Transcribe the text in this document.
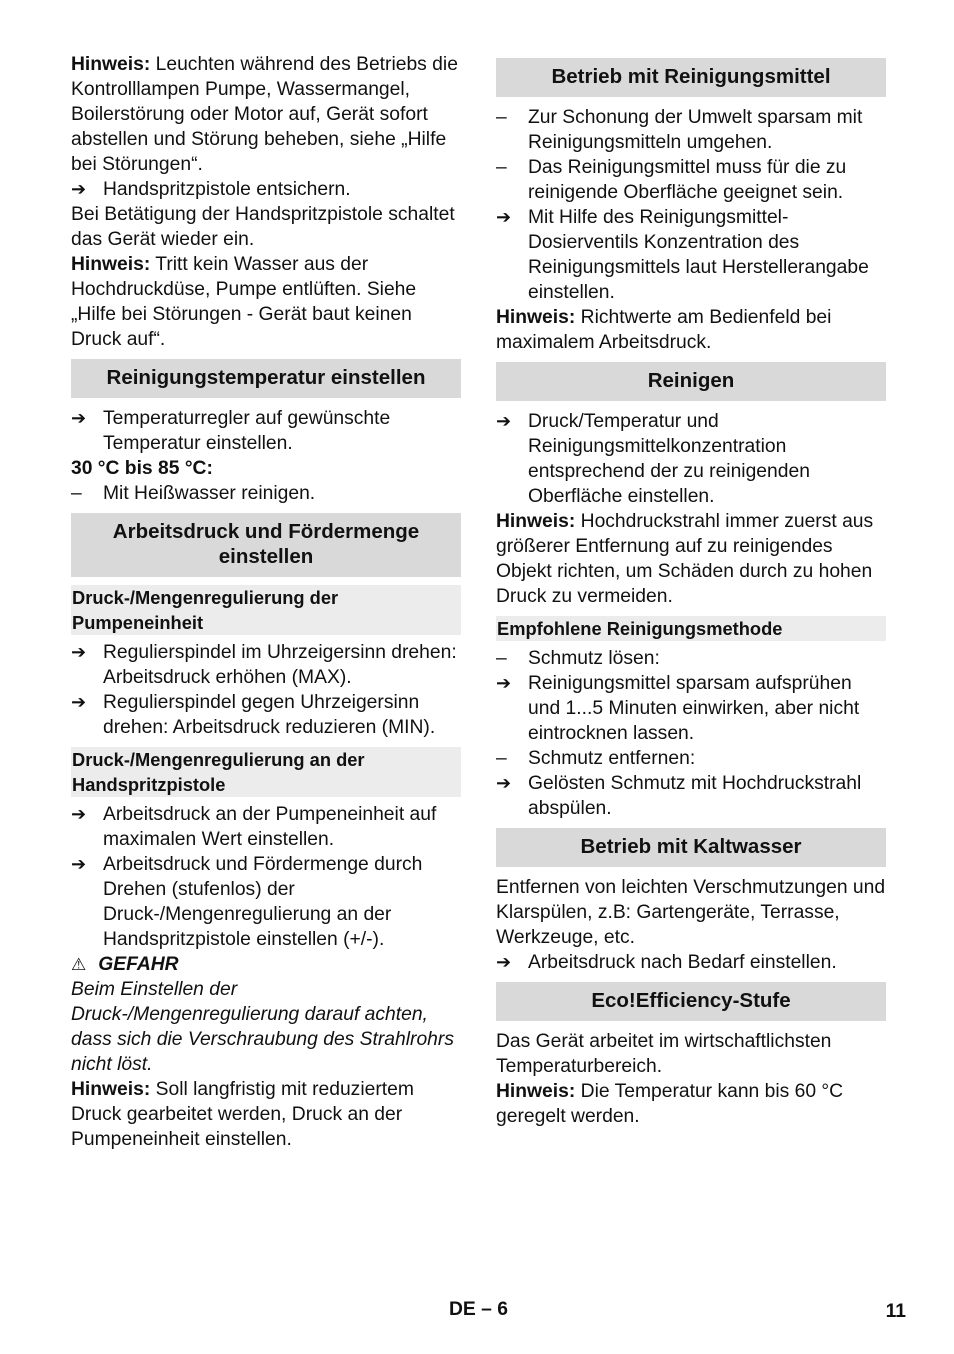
Hinweis: Leuchten während des Betriebs die Kontrolllampen Pumpe, Wassermangel, Boilerstörung oder Motor auf, Gerät sofort abstellen und Störung beheben, siehe „Hilfe bei Störungen“.

➔ Handspritzpistole entsichern.

Bei Betätigung der Handspritzpistole schaltet das Gerät wieder ein.

Hinweis: Tritt kein Wasser aus der Hochdruckdüse, Pumpe entlüften. Siehe „Hilfe bei Störungen - Gerät baut keinen Druck auf“.

Reinigungstemperatur einstellen
➔ Temperaturregler auf gewünschte Temperatur einstellen.

30 °C bis 85 °C:

–	Mit Heißwasser reinigen.
Arbeitsdruck und Fördermenge einstellen
Druck-/Mengenregulierung der Pumpeneinheit
➔ Regulierspindel im Uhrzeigersinn drehen: Arbeitsdruck erhöhen (MAX).
➔ Regulierspindel gegen Uhrzeigersinn drehen: Arbeitsdruck reduzieren (MIN).
Druck-/Mengenregulierung an der Handspritzpistole
➔ Arbeitsdruck an der Pumpeneinheit auf maximalen Wert einstellen.
➔ Arbeitsdruck und Fördermenge durch Drehen (stufenlos) der Druck-/Mengenregulierung an der Handspritzpistole einstellen (+/-).

⚠ GEFAHR

Beim Einstellen der Druck-/Mengenregulierung darauf achten, dass sich die Verschraubung des Strahlrohrs nicht löst.

Hinweis: Soll langfristig mit reduziertem Druck gearbeitet werden, Druck an der Pumpeneinheit einstellen.

Betrieb mit Reinigungsmittel
–	Zur Schonung der Umwelt sparsam mit Reinigungsmitteln umgehen.
–	Das Reinigungsmittel muss für die zu reinigende Oberfläche geeignet sein.
➔ Mit Hilfe des Reinigungsmittel-Dosierventils Konzentration des Reinigungsmittels laut Herstellerangabe einstellen.

Hinweis: Richtwerte am Bedienfeld bei maximalem Arbeitsdruck.

Reinigen
➔ Druck/Temperatur und Reinigungsmittelkonzentration entsprechend der zu reinigenden Oberfläche einstellen.

Hinweis: Hochdruckstrahl immer zuerst aus größerer Entfernung auf zu reinigendes Objekt richten, um Schäden durch zu hohen Druck zu vermeiden.

Empfohlene Reinigungsmethode
–	Schmutz lösen:
➔ Reinigungsmittel sparsam aufsprühen und 1...5 Minuten einwirken, aber nicht eintrocknen lassen.
–	Schmutz entfernen:
➔ Gelösten Schmutz mit Hochdruckstrahl abspülen.
Betrieb mit Kaltwasser

Entfernen von leichten Verschmutzungen und Klarspülen, z.B: Gartengeräte, Terrasse, Werkzeuge, etc.

➔ Arbeitsdruck nach Bedarf einstellen.
Eco!Efficiency-Stufe

Das Gerät arbeitet im wirtschaftlichsten Temperaturbereich.

Hinweis: Die Temperatur kann bis 60 °C geregelt werden.

DE – 6	11
